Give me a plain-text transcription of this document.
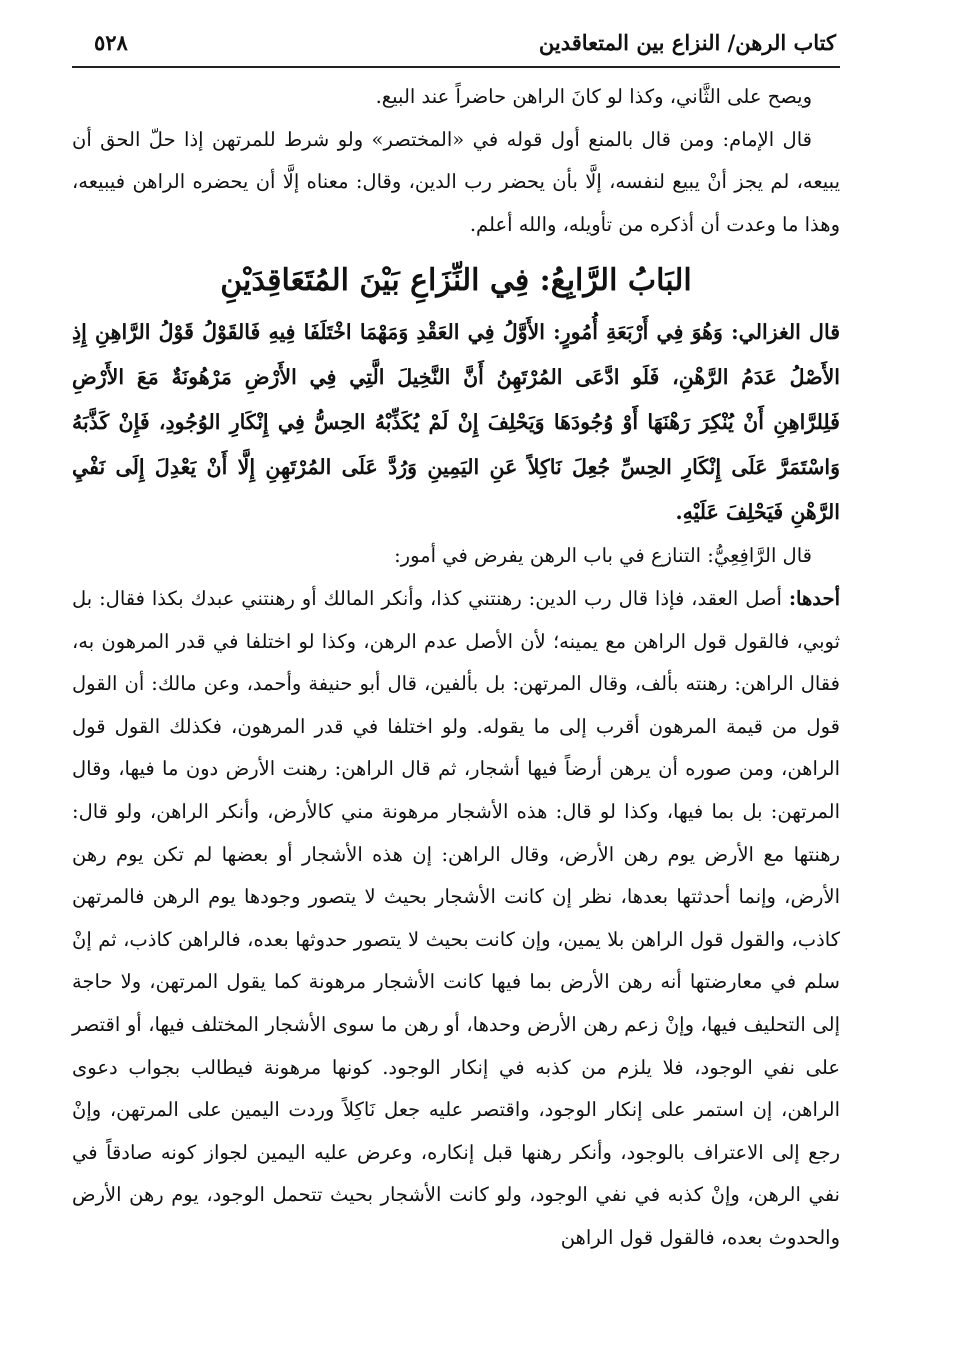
كتاب الرهن/ النزاع بين المتعاقدين
٥٢٨

ويصح على الثَّاني، وكذا لو كانَ الراهن حاضراً عند البيع.

قال الإمام: ومن قال بالمنع أول قوله في «المختصر» ولو شرط للمرتهن إذا حلّ الحق أن يبيعه، لم يجز أنْ يبيع لنفسه، إلَّا بأن يحضر رب الدين، وقال: معناه إلَّا أن يحضره الراهن فيبيعه، وهذا ما وعدت أن أذكره من تأويله، والله أعلم.

البَابُ الرَّابِعُ: فِي النِّزَاعِ بَيْنَ المُتَعَاقِدَيْنِ

قال الغزالي: وَهُوَ فِي أَرْبَعَةِ أُمُورٍ: الأَوَّلُ فِي العَقْدِ وَمَهْمَا اخْتَلَفَا فِيهِ فَالقَوْلُ قَوْلُ الرَّاهِنِ إِذِ الأَصْلُ عَدَمُ الرَّهْنِ، فَلَو ادَّعَى المُرْتَهِنُ أَنَّ النَّخِيلَ الَّتِي فِي الأَرْضِ مَرْهُونَةٌ مَعَ الأَرْضِ فَلِلرَّاهِنِ أَنْ يُنْكِرَ رَهْنَهَا أَوْ وُجُودَهَا وَيَحْلِفَ إِنْ لَمْ يُكَذِّبْهُ الحِسُّ فِي إِنْكَارِ الوُجُودِ، فَإِنْ كَذَّبَهُ وَاسْتَمَرَّ عَلَى إِنْكَارِ الحِسِّ جُعِلَ نَاكِلاً عَنِ اليَمِينِ وَرُدَّ عَلَى المُرْتَهِنِ إِلَّا أَنْ يَعْدِلَ إِلَى نَفْيِ الرَّهْنِ فَيَحْلِفَ عَلَيْهِ.

قال الرَّافِعِيُّ: التنازع في باب الرهن يفرض في أمور:

أحدها: أصل العقد، فإذا قال رب الدين: رهنتني كذا، وأنكر المالك أو رهنتني عبدك بكذا فقال: بل ثوبي، فالقول قول الراهن مع يمينه؛ لأن الأصل عدم الرهن، وكذا لو اختلفا في قدر المرهون به، فقال الراهن: رهنته بألف، وقال المرتهن: بل بألفين، قال أبو حنيفة وأحمد، وعن مالك: أن القول قول من قيمة المرهون أقرب إلى ما يقوله. ولو اختلفا في قدر المرهون، فكذلك القول قول الراهن، ومن صوره أن يرهن أرضاً فيها أشجار، ثم قال الراهن: رهنت الأرض دون ما فيها، وقال المرتهن: بل بما فيها، وكذا لو قال: هذه الأشجار مرهونة مني كالأرض، وأنكر الراهن، ولو قال: رهنتها مع الأرض يوم رهن الأرض، وقال الراهن: إن هذه الأشجار أو بعضها لم تكن يوم رهن الأرض، وإنما أحدثتها بعدها، نظر إن كانت الأشجار بحيث لا يتصور وجودها يوم الرهن فالمرتهن كاذب، والقول قول الراهن بلا يمين، وإن كانت بحيث لا يتصور حدوثها بعده، فالراهن كاذب، ثم إنْ سلم في معارضتها أنه رهن الأرض بما فيها كانت الأشجار مرهونة كما يقول المرتهن، ولا حاجة إلى التحليف فيها، وإنْ زعم رهن الأرض وحدها، أو رهن ما سوى الأشجار المختلف فيها، أو اقتصر على نفي الوجود، فلا يلزم من كذبه في إنكار الوجود. كونها مرهونة فيطالب بجواب دعوى الراهن، إن استمر على إنكار الوجود، واقتصر عليه جعل نَاكِلاً وردت اليمين على المرتهن، وإنْ رجع إلى الاعتراف بالوجود، وأنكر رهنها قبل إنكاره، وعرض عليه اليمين لجواز كونه صادقاً في نفي الرهن، وإنْ كذبه في نفي الوجود، ولو كانت الأشجار بحيث تتحمل الوجود، يوم رهن الأرض والحدوث بعده، فالقول قول الراهن
